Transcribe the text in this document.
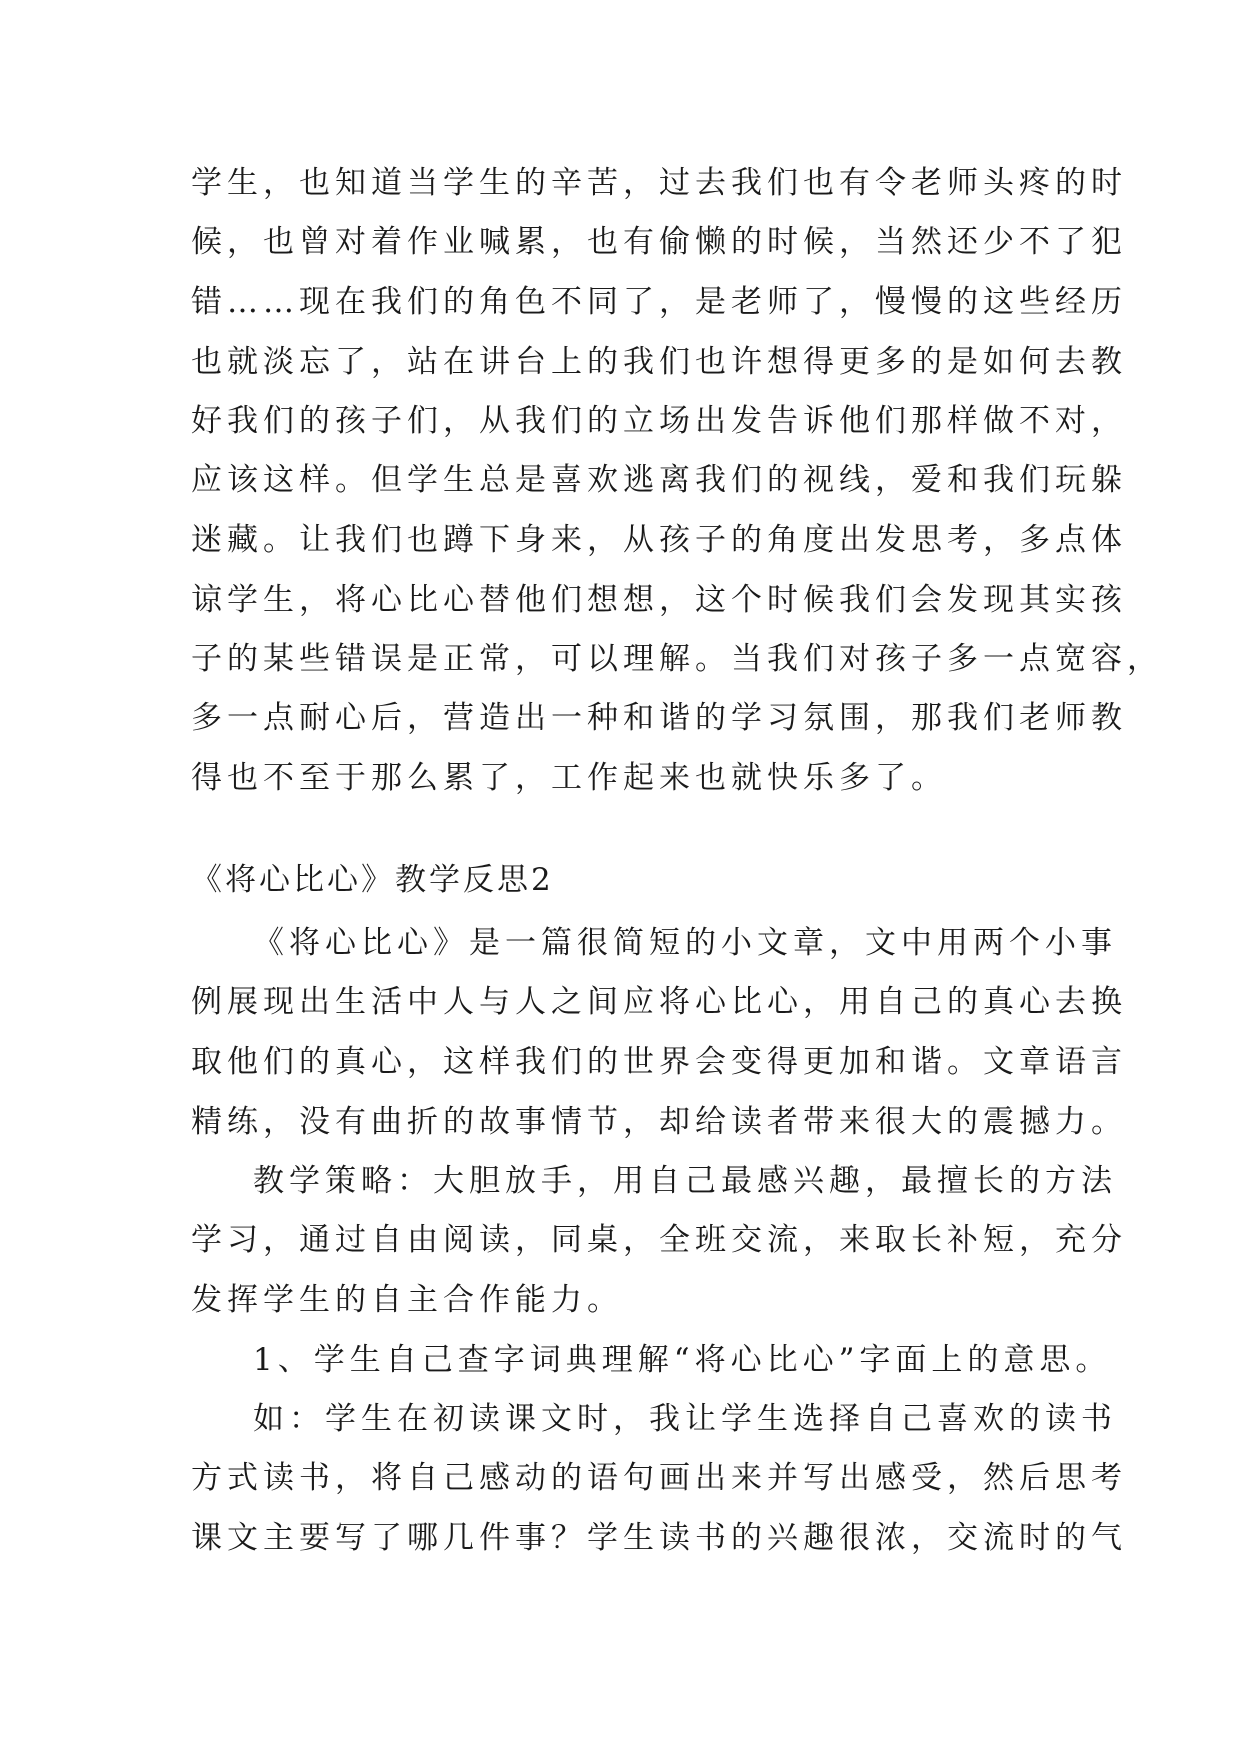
学生，也知道当学生的辛苦，过去我们也有令老师头疼的时
候，也曾对着作业喊累，也有偷懒的时候，当然还少不了犯
错……现在我们的角色不同了，是老师了，慢慢的这些经历
也就淡忘了，站在讲台上的我们也许想得更多的是如何去教
好我们的孩子们，从我们的立场出发告诉他们那样做不对，
应该这样。但学生总是喜欢逃离我们的视线，爱和我们玩躲
迷藏。让我们也蹲下身来，从孩子的角度出发思考，多点体
谅学生，将心比心替他们想想，这个时候我们会发现其实孩
子的某些错误是正常，可以理解。当我们对孩子多一点宽容，
多一点耐心后，营造出一种和谐的学习氛围，那我们老师教
得也不至于那么累了，工作起来也就快乐多了。
《将心比心》教学反思2
《将心比心》是一篇很简短的小文章，文中用两个小事
例展现出生活中人与人之间应将心比心，用自己的真心去换
取他们的真心，这样我们的世界会变得更加和谐。文章语言
精练，没有曲折的故事情节，却给读者带来很大的震撼力。
教学策略：大胆放手，用自己最感兴趣，最擅长的方法
学习，通过自由阅读，同桌，全班交流，来取长补短，充分
发挥学生的自主合作能力。
1、学生自己查字词典理解“将心比心”字面上的意思。
如：学生在初读课文时，我让学生选择自己喜欢的读书
方式读书，将自己感动的语句画出来并写出感受，然后思考
课文主要写了哪几件事？学生读书的兴趣很浓，交流时的气
